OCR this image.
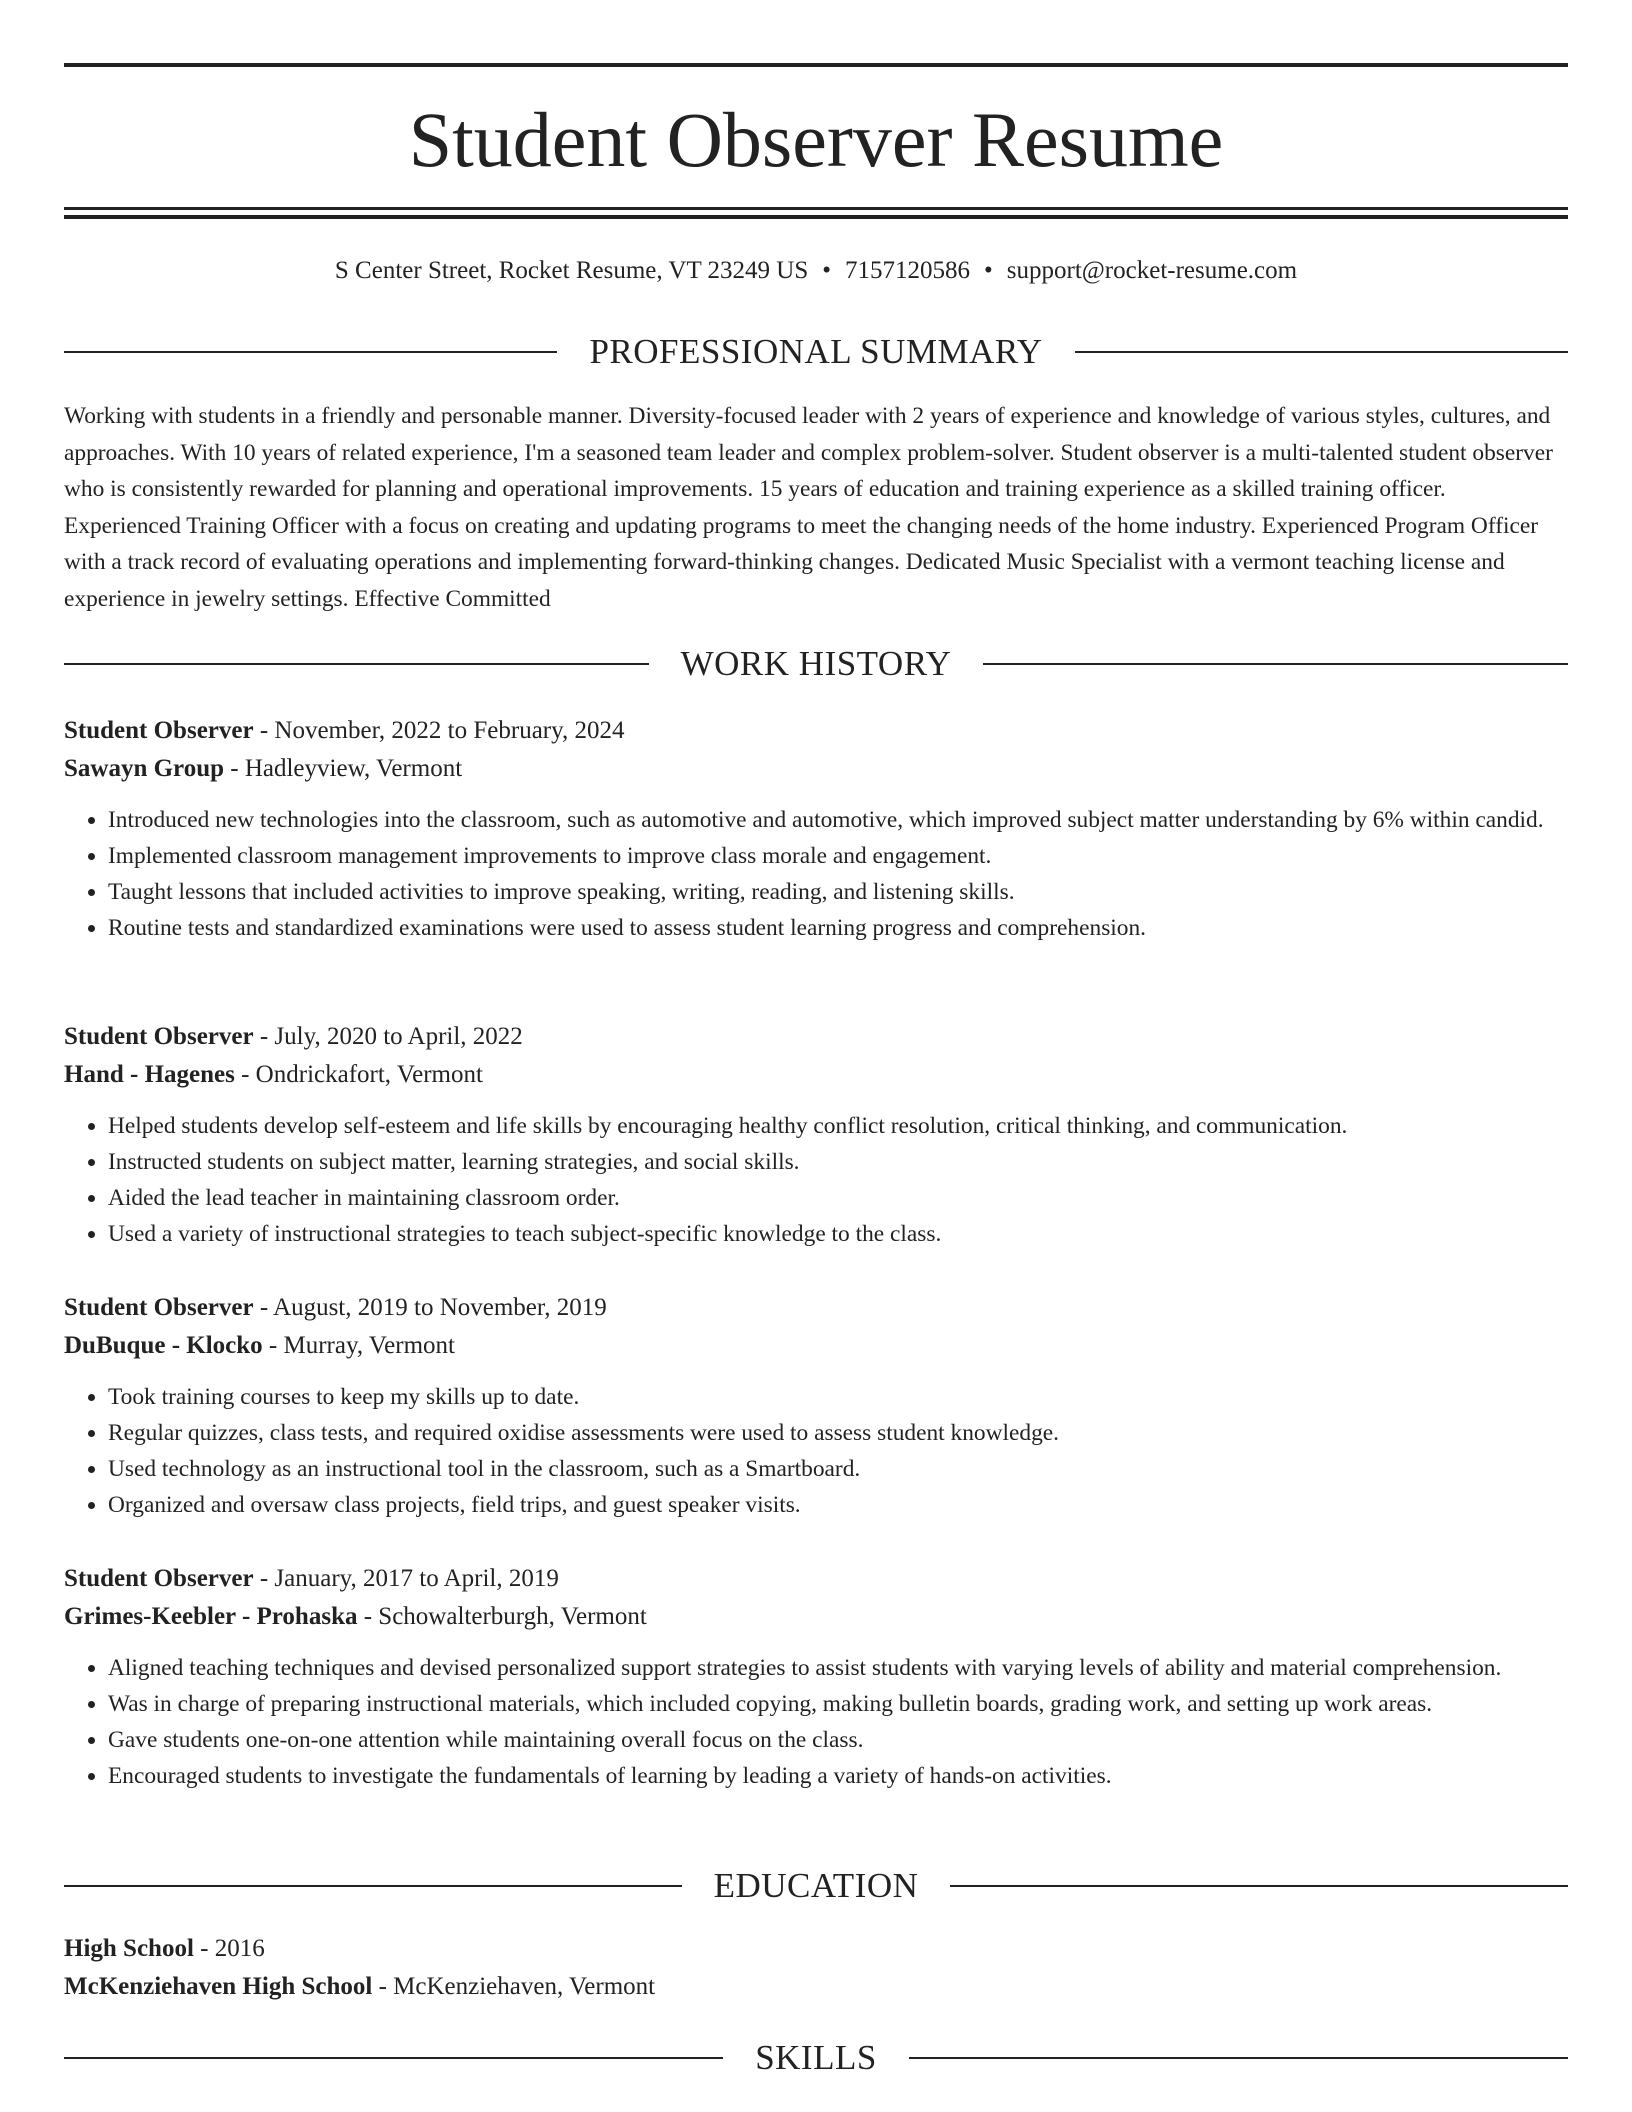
Student Observer Resume
S Center Street, Rocket Resume, VT 23249 US • 7157120586 • support@rocket-resume.com
PROFESSIONAL SUMMARY

Working with students in a friendly and personable manner. Diversity-focused leader with 2 years of experience and knowledge of various styles, cultures, and approaches. With 10 years of related experience, I'm a seasoned team leader and complex problem-solver. Student observer is a multi-talented student observer who is consistently rewarded for planning and operational improvements. 15 years of education and training experience as a skilled training officer. Experienced Training Officer with a focus on creating and updating programs to meet the changing needs of the home industry. Experienced Program Officer with a track record of evaluating operations and implementing forward-thinking changes. Dedicated Music Specialist with a vermont teaching license and experience in jewelry settings. Effective Committed

WORK HISTORY
Student Observer - November, 2022 to February, 2024
Sawayn Group - Hadleyview, Vermont
• Introduced new technologies into the classroom, such as automotive and automotive, which improved subject matter understanding by 6% within candid.
• Implemented classroom management improvements to improve class morale and engagement.
• Taught lessons that included activities to improve speaking, writing, reading, and listening skills.
• Routine tests and standardized examinations were used to assess student learning progress and comprehension.
Student Observer - July, 2020 to April, 2022
Hand - Hagenes - Ondrickafort, Vermont
• Helped students develop self-esteem and life skills by encouraging healthy conflict resolution, critical thinking, and communication.
• Instructed students on subject matter, learning strategies, and social skills.
• Aided the lead teacher in maintaining classroom order.
• Used a variety of instructional strategies to teach subject-specific knowledge to the class.
Student Observer - August, 2019 to November, 2019
DuBuque - Klocko - Murray, Vermont
• Took training courses to keep my skills up to date.
• Regular quizzes, class tests, and required oxidise assessments were used to assess student knowledge.
• Used technology as an instructional tool in the classroom, such as a Smartboard.
• Organized and oversaw class projects, field trips, and guest speaker visits.
Student Observer - January, 2017 to April, 2019
Grimes-Keebler - Prohaska - Schowalterburgh, Vermont
• Aligned teaching techniques and devised personalized support strategies to assist students with varying levels of ability and material comprehension.
• Was in charge of preparing instructional materials, which included copying, making bulletin boards, grading work, and setting up work areas.
• Gave students one-on-one attention while maintaining overall focus on the class.
• Encouraged students to investigate the fundamentals of learning by leading a variety of hands-on activities.
EDUCATION
High School - 2016
McKenziehaven High School - McKenziehaven, Vermont
SKILLS
